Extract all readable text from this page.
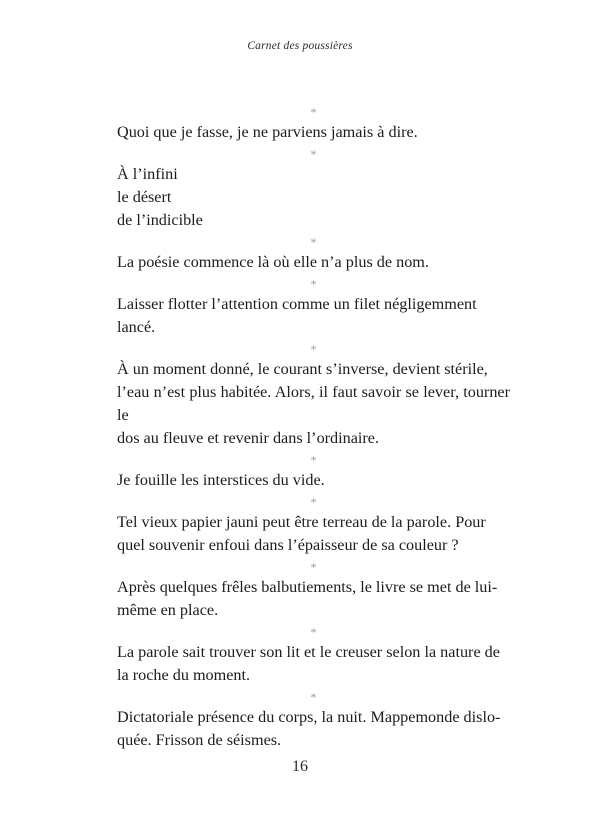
Carnet des poussières
*

Quoi que je fasse, je ne parviens jamais à dire.

*

À l’infini
le désert
de l’indicible

*

La poésie commence là où elle n’a plus de nom.

*

Laisser flotter l’attention comme un filet négligemment
lancé.

*

À un moment donné, le courant s’inverse, devient stérile,
l’eau n’est plus habitée. Alors, il faut savoir se lever, tourner le
dos au fleuve et revenir dans l’ordinaire.

*

Je fouille les interstices du vide.

*

Tel vieux papier jauni peut être terreau de la parole. Pour
quel souvenir enfoui dans l’épaisseur de sa couleur ?

*

Après quelques frêles balbutiements, le livre se met de lui-
même en place.

*

La parole sait trouver son lit et le creuser selon la nature de
la roche du moment.

*

Dictatoriale présence du corps, la nuit. Mappemonde dislo-
quée. Frisson de séismes.

16
